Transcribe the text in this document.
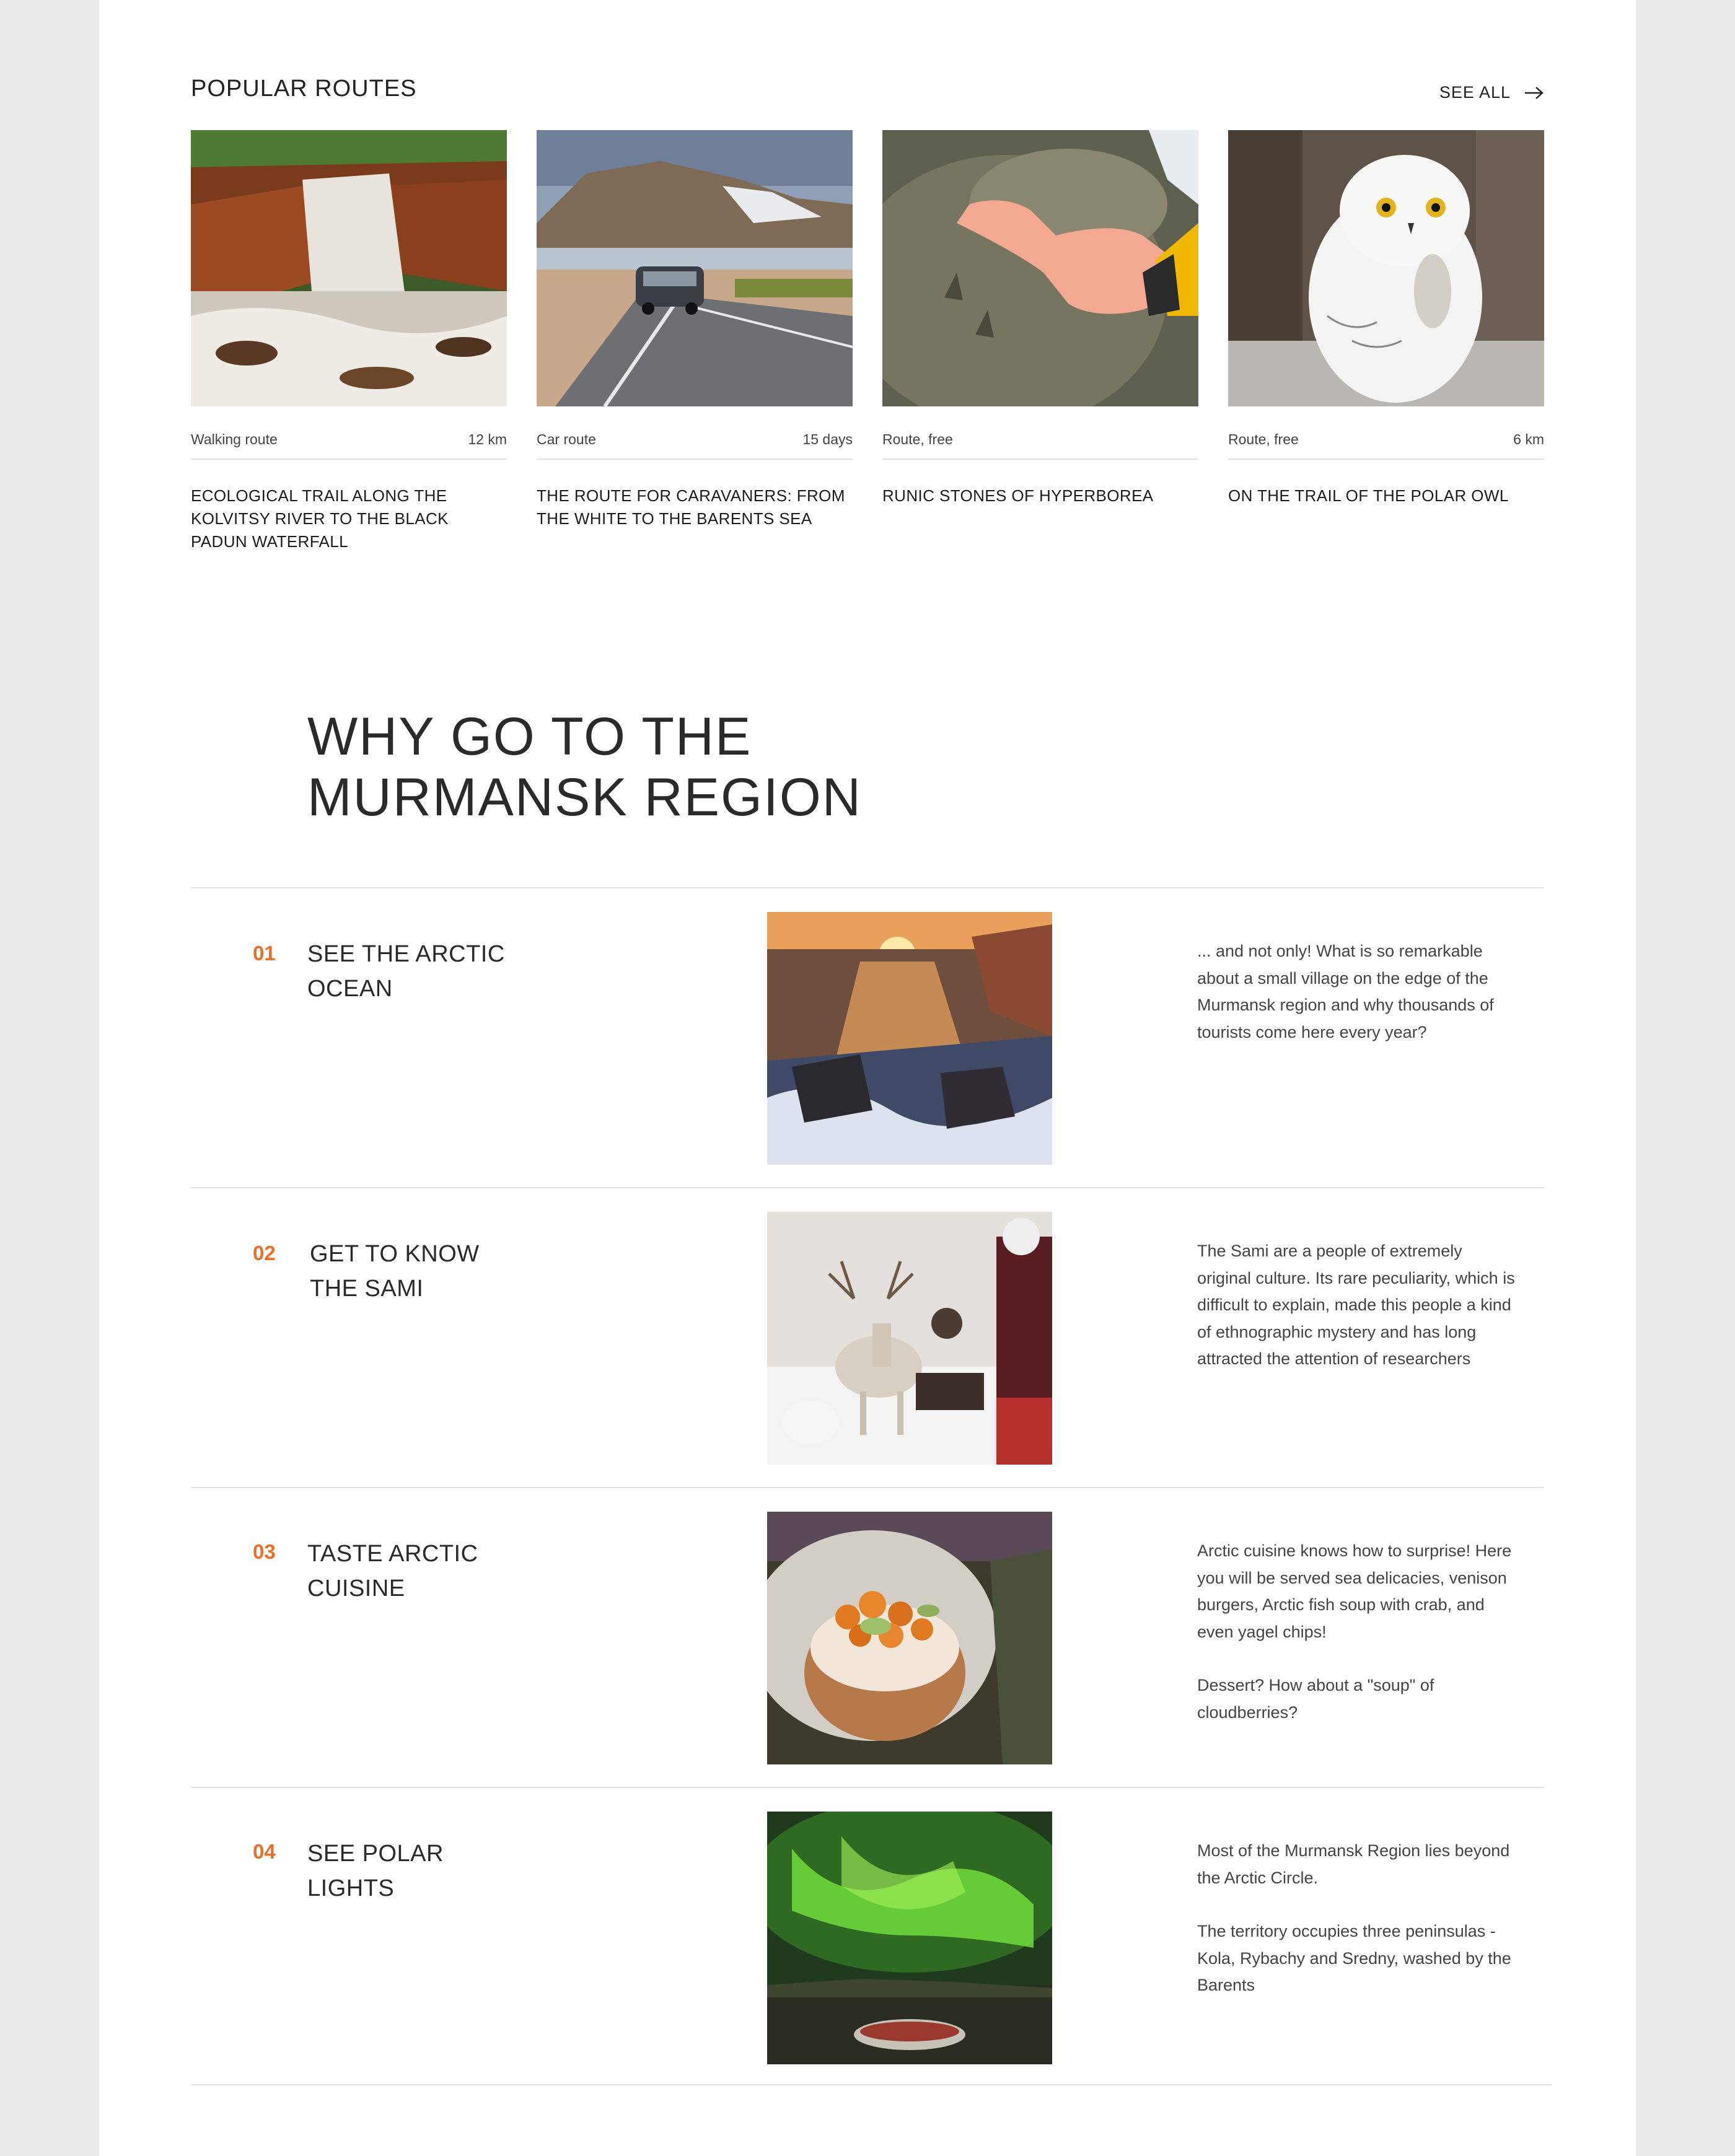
POPULAR ROUTES	SEE ALL
Walking route	12 km
ECOLOGICAL TRAIL ALONG THE KOLVITSY RIVER TO THE BLACK PADUN WATERFALL
Car route	15 days
THE ROUTE FOR CARAVANERS: FROM THE WHITE TO THE BARENTS SEA
Route, free
RUNIC STONES OF HYPERBOREA
Route, free	6 km
ON THE TRAIL OF THE POLAR OWL
WHY GO TO THE
MURMANSK REGION
01 SEE THE ARCTIC
OCEAN

... and not only! What is so remarkable about a small village on the edge of the Murmansk region and why thousands of tourists come here every year?

02 GET TO KNOW
THE SAMI

The Sami are a people of extremely original culture. Its rare peculiarity, which is difficult to explain, made this people a kind of ethnographic mystery and has long attracted the attention of researchers

03 TASTE ARCTIC
CUISINE

Arctic cuisine knows how to surprise! Here you will be served sea delicacies, venison burgers, Arctic fish soup with crab, and even yagel chips!

Dessert? How about a "soup" of cloudberries?

04 SEE POLAR
LIGHTS

Most of the Murmansk Region lies beyond the Arctic Circle.

The territory occupies three peninsulas - Kola, Rybachy and Sredny, washed by the Barents
